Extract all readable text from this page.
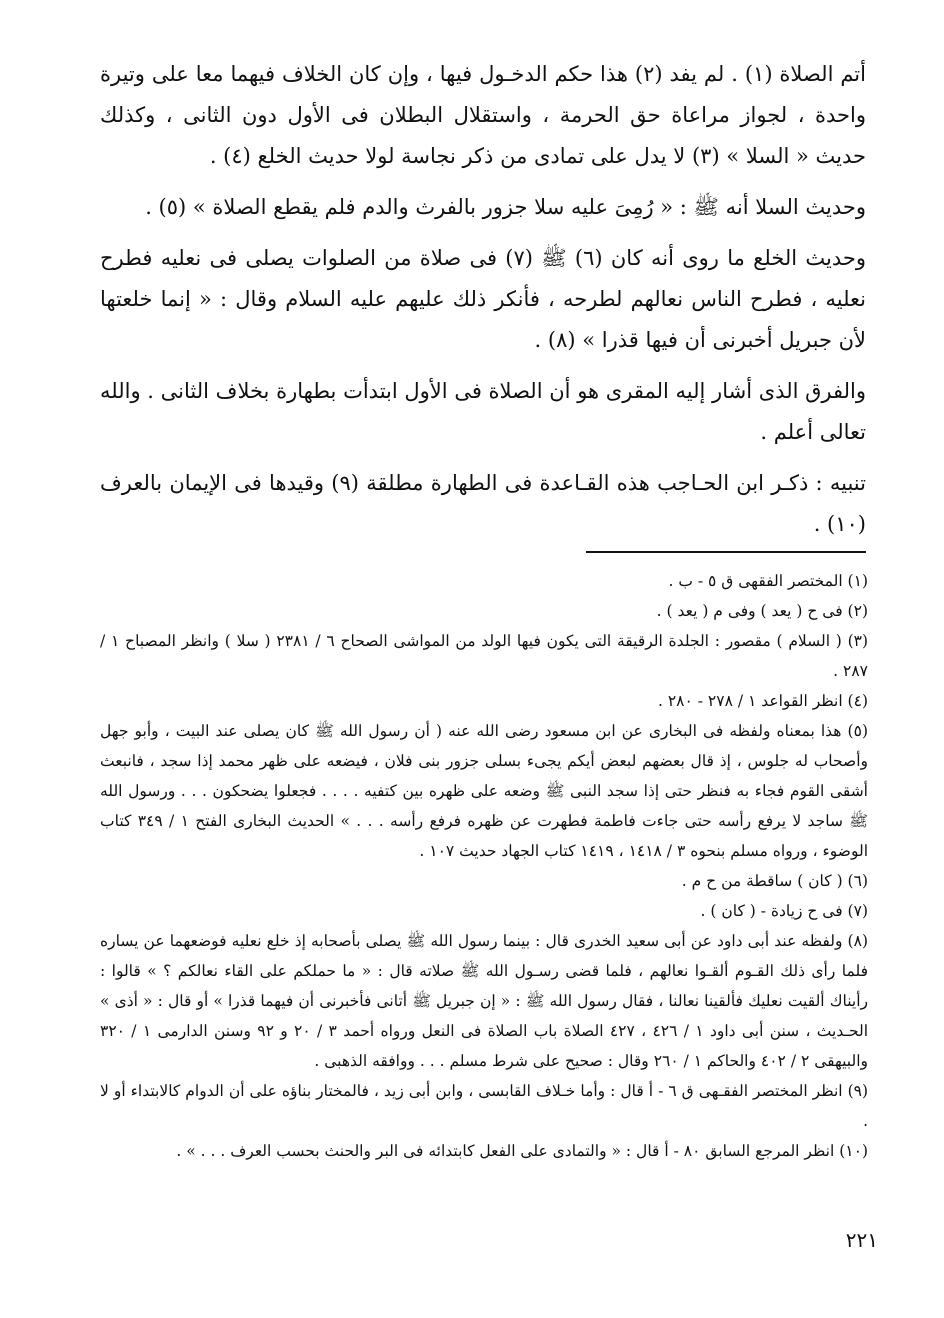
أتم الصلاة (١) . لم يفد (٢) هذا حكم الدخـول فيها ، وإن كان الخلاف فيهما معا على وتيرة واحدة ، لجواز مراعاة حق الحرمة ، واستقلال البطلان فى الأول دون الثانى ، وكذلك حديث « السلا » (٣) لا يدل على تمادى من ذكر نجاسة لولا حديث الخلع (٤) .

وحديث السلا أنه ﷺ : « رُمِىَ عليه سلا جزور بالفرث والدم فلم يقطع الصلاة » (٥) .

وحديث الخلع ما روى أنه كان (٦) ﷺ (٧) فى صلاة من الصلوات يصلى فى نعليه فطرح نعليه ، فطرح الناس نعالهم لطرحه ، فأنكر ذلك عليهم عليه السلام وقال : « إنما خلعتها لأن جبريل أخبرنى أن فيها قذرا » (٨) .

والفرق الذى أشار إليه المقرى هو أن الصلاة فى الأول ابتدأت بطهارة بخلاف الثانى . والله تعالى أعلم .

تنبيه : ذكـر ابن الحـاجب هذه القـاعدة فى الطهارة مطلقة (٩) وقيدها فى الإيمان بالعرف (١٠) .

(١) المختصر الفقهى ق ٥ - ب .

(٢) فى ح ( يعد ) وفى م ( يعد ) .

(٣) ( السلام ) مقصور : الجلدة الرقيقة التى يكون فيها الولد من المواشى الصحاح ٦ / ٢٣٨١ ( سلا ) وانظر المصباح ١ / ٢٨٧ .

(٤) انظر القواعد ١ / ٢٧٨ - ٢٨٠ .

(٥) هذا بمعناه ولفظه فى البخارى عن ابن مسعود رضى الله عنه ( أن رسول الله ﷺ كان يصلى عند البيت ، وأبو جهل وأصحاب له جلوس ، إذ قال بعضهم لبعض أيكم يجىء بسلى جزور بنى فلان ، فيضعه على ظهر محمد إذا سجد ، فانبعث أشقى القوم فجاء به فنظر حتى إذا سجد النبى ﷺ وضعه على ظهره بين كتفيه . . . . فجعلوا يضحكون . . . ورسول الله ﷺ ساجد لا يرفع رأسه حتى جاءت فاطمة فطهرت عن ظهره فرفع رأسه . . . » الحديث البخارى الفتح ١ / ٣٤٩ كتاب الوضوء ، ورواه مسلم بنحوه ٣ / ١٤١٨ ، ١٤١٩ كتاب الجهاد حديث ١٠٧ .

(٦) ( كان ) ساقطة من ح م .

(٧) فى ح زيادة - ( كان ) .

(٨) ولفظه عند أبى داود عن أبى سعيد الخدرى قال : بينما رسول الله ﷺ يصلى بأصحابه إذ خلع نعليه فوضعهما عن يساره فلما رأى ذلك القـوم ألقـوا نعالهم ، فلما قضى رسـول الله ﷺ صلاته قال : « ما حملكم على القاء نعالكم ؟ » قالوا : رأيناك ألقيت نعليك فألقينا نعالنا ، فقال رسول الله ﷺ : « إن جبريل ﷺ أتانى فأخبرنى أن فيهما قذرا » أو قال : « أذى » الحـديث ، سنن أبى داود ١ / ٤٢٦ ، ٤٢٧ الصلاة باب الصلاة فى النعل ورواه أحمد ٣ / ٢٠ و ٩٢ وسنن الدارمى ١ / ٣٢٠ والبيهقى ٢ / ٤٠٢ والحاكم ١ / ٢٦٠ وقال : صحيح على شرط مسلم . . . ووافقه الذهبى .

(٩) انظر المختصر الفقـهى ق ٦ - أ قال : وأما خـلاف القابسى ، وابن أبى زيد ، فالمختار بناؤه على أن الدوام كالابتداء أو لا .

(١٠) انظر المرجع السابق ٨٠ - أ قال : « والتمادى على الفعل كابتدائه فى البر والحنث بحسب العرف . . . » .

٢٢١
